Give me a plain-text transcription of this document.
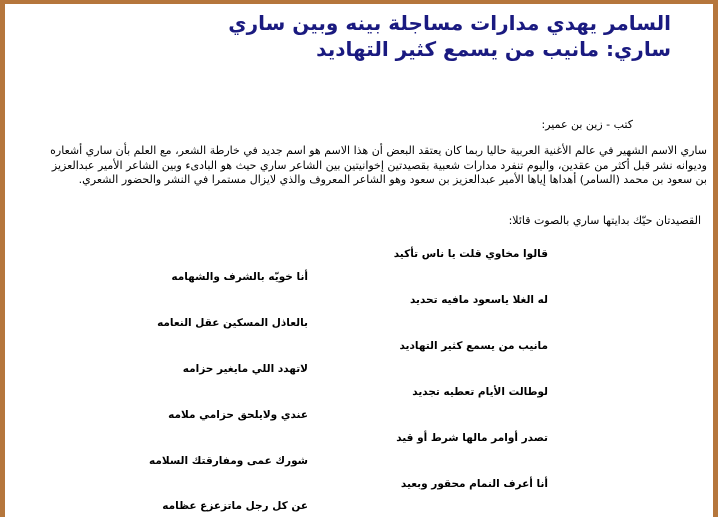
السامر يهدي مدارات مساجلة بينه وبين ساري
ساري: مانيب من يسمع كثير التهاديد
كتب - زين بن عمير:

ساري الاسم الشهير في عالم الأغنية العربية حاليا ربما كان يعتقد البعض أن هذا الاسم هو اسم جديد في خارطة الشعر، مع العلم بأن ساري أشعاره

وديوانه نشر قبل أكثر من عقدين، واليوم تنفرد مدارات شعبية بقصيدتين إخوانيتين بين الشاعر ساري حيث هو البادىء وبين الشاعر الأمير عبدالعزيز

بن سعود بن محمد (السامر) أهداها إياها الأمير عبدالعزيز بن سعود وهو الشاعر المعروف والذي لايزال مستمرا في النشر والحضور الشعري.

القصيدتان حيّك بدايتها ساري بالصوت قائلا:
قالوا مخاوي قلت يا ناس تأكيد
أنا خويّه بالشرف والشهامه
له الغلا ياسعود مافيه تحديد
بالعاذل المسكين عقل النعامه
مانيب من يسمع كثير التهاديد
لاتهدد اللي مايغير حزامه
لوطالت الأيام تعطيه تجديد
عندي ولايلحق حزامي ملامه
تصدر أوامر مالها شرط أو قيد
شورك عمى ومفارقتك السلامه
أنا أعرف النمام محقور وبعيد
عن كل رجل ماتزعزع عظامه
